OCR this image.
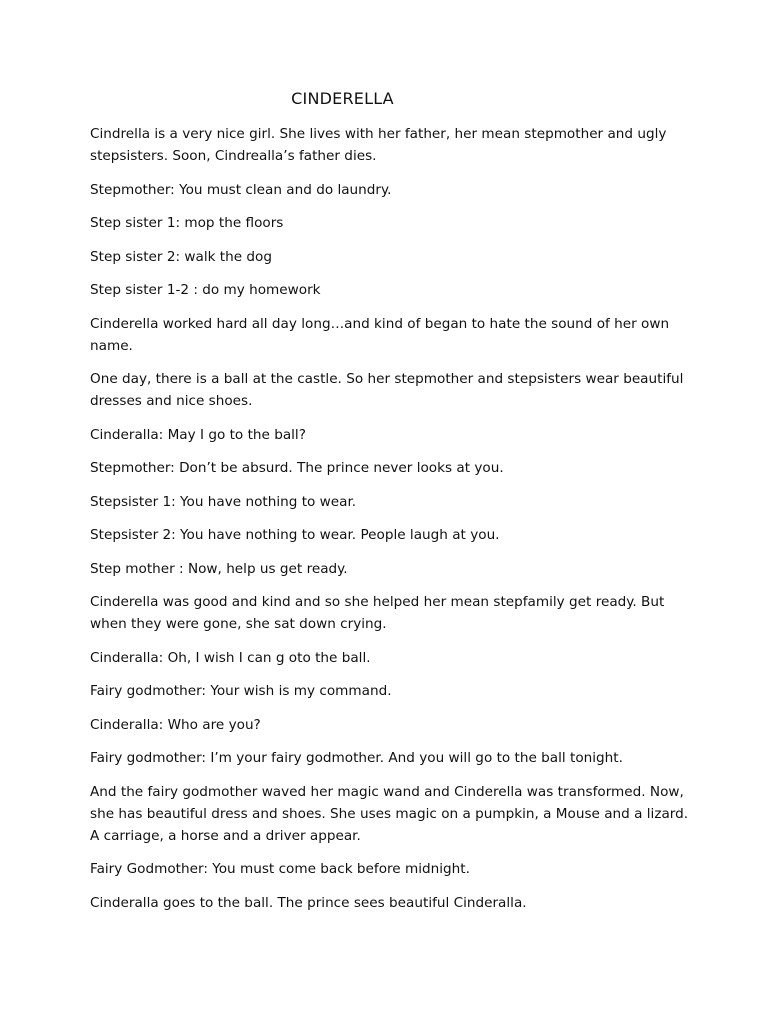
CINDERELLA

Cindrella is a very nice girl. She lives with her father, her mean stepmother and ugly stepsisters. Soon, Cindrealla’s father dies.

Stepmother: You must clean and do laundry.

Step sister 1: mop the floors

Step sister 2: walk the dog

Step sister 1-2 : do my homework

Cinderella worked hard all day long…and kind of began to hate the sound of her own name.

One day, there is a ball at the castle. So her stepmother and stepsisters wear beautiful dresses and nice shoes.

Cinderalla: May I go to the ball?

Stepmother: Don’t be absurd. The prince never looks at you.

Stepsister 1: You have nothing to wear.

Stepsister 2: You have nothing to wear. People laugh at you.

Step mother : Now, help us get ready.

Cinderella was good and kind and so she helped her mean stepfamily get ready. But when they were gone, she sat down crying.

Cinderalla: Oh, I wish I can g oto the ball.

Fairy godmother: Your wish is my command.

Cinderalla: Who are you?

Fairy godmother: I’m your fairy godmother. And you will go to the ball tonight.

And the fairy godmother waved her magic wand and Cinderella was transformed. Now, she has beautiful dress and shoes. She uses magic on a pumpkin, a Mouse and a lizard. A carriage, a horse and a driver appear.

Fairy Godmother: You must come back before midnight.

Cinderalla goes to the ball. The prince sees beautiful Cinderalla.
